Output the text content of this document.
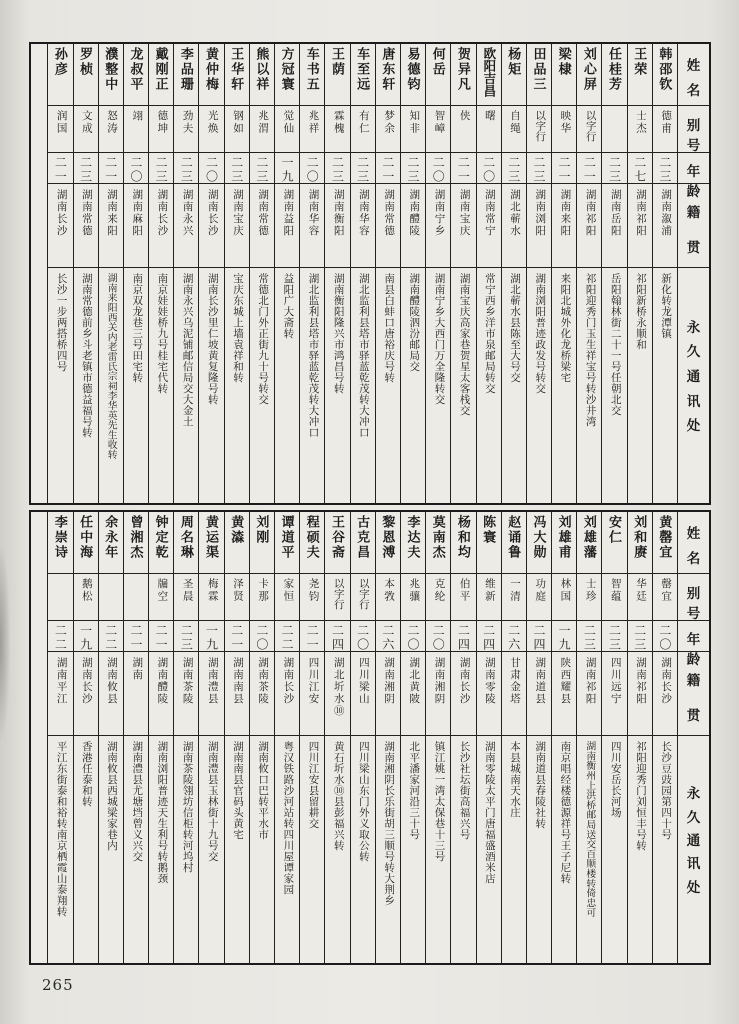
姓
名
别
号
年
龄
籍
贯
永
久
通
讯
处
韩邵钦
德甫
二三
湖南溆浦
新化转龙潭镇
王荣
士杰
二七
湖南祁阳
祁阳新桥永顺和
任桂芳
二三
湖南岳阳
岳阳翰林街二十一号任朝北交
刘心屏
以字行
二一
湖南祁阳
祁阳迎秀门玉生祥宝号转沙井湾
梁棣
映华
二一
湖南来阳
来阳北城外化龙桥梁宅
田品三
以字行
二三
湖南浏阳
湖南浏阳普迹政发号转交
杨矩
自绳
二三
湖北蕲水
湖北蕲水县陈至大号交
欧阳吉昌
曙
二〇
湖南常宁
常宁西乡洋市泉邮局转交
贺异凡
侠
二一
湖南宝庆
湖南宝庆高家巷贺星太客栈交
何岳
智嶂
二〇
湖南宁乡
湖南宁乡大西门万全隆转交
易德钧
知非
二三
湖南醴陵
湖南醴陵泗汾邮局交
唐东轩
梦余
二一
湖南常德
南县白蚌口唐裕庆号转
车至远
有仁
二三
湖南华容
湖北监利县塔市驿蓝乾茂转大冲口
王荫
霖槐
二三
湖南衡阳
湖南衡阳隆兴市鸿昌号转
车书五
兆祥
二〇
湖南华容
湖北监利县塔市驿蓝乾茂转大冲口
方冠寰
觉仙
一九
湖南益阳
益阳广大斋转
熊以祥
兆渭
二三
湖南常德
常德北门外正街九十号转交
王华轩
钢如
二三
湖南宝庆
宝庆东城上墙袁祥和转
黄仲梅
光焕
二〇
湖南长沙
湖南长沙里仁坡黄复隆号转
李品珊
劲夫
二三
湖南永兴
湖南永兴乌泥铺邮信局交大金土
戴刚正
德坤
二三
湖南长沙
南京娃娃桥九号桂宅代转
龙叔平
翊
二〇
湖南麻阳
南京双龙巷三号田宅转
濮整中
怒涛
二一
湖南来阳
湖南来阳西关内老雷氏宗祠李华英先生收转
罗桢
文成
二三
湖南常德
湖南常德前乡斗老镇市德益福号转
孙彦
润国
二一
湖南长沙
长沙一步两搭桥四号
姓
名
别
号
年
龄
籍
贯
永
久
通
讯
处
黄罄宜
罄宜
二〇
湖南长沙
长沙豆豉园第四十号
刘和赓
华廷
二三
湖南祁阳
祁阳迎秀门刘恒丰号转
安仁
智蕴
二三
四川远宁
四川安岳长河场
刘雄藩
士珍
二三
湖南祁阳
湖南衡州上洪桥邮局送交百顺楼转倚忠可
刘雄甫
林国
一九
陕西耀县
南京唱经楼德源祥号王子尼转
冯大勋
功庭
二四
湖南道县
湖南道县春陵社转
赵诵鲁
一清
二六
甘肃金塔
本县城南天水庄
陈寰
维新
二四
湖南零陵
湖南零陵太平门唐福盛酒米店
杨和均
伯平
二四
湖南长沙
长沙社坛街高福兴号
莫南杰
克纶
二〇
湖南湘阴
镇江姚一湾太保巷十三号
李达夫
兆骧
二〇
湖北黄陂
北平潘家河沿三十号
黎恩溥
本敩
二六
湖南湘阴
湖南湘阴长乐街胡三顺号转大荆乡
古克昌
以字行
二〇
四川梁山
四川梁山东门外义取公转
王谷斋
以字行
二四
湖北圻水⑩
黄石圻水⑩县彭福兴转
程硕夫
尧钧
二一
四川江安
四川江安县留耕交
谭道平
家恒
二二
湖南长沙
粤汉铁路沙河站转四川屋谭家园
刘刚
卡那
二〇
湖南茶陵
湖南攸口巴转平水市
黄潹
泽贤
二一
湖南南县
湖南南县官码头黄宅
黄运渠
梅霖
一九
湖南澧县
湖南澧县玉林街十九号交
周名琳
圣晨
二三
湖南茶陵
湖南茶陵翎坊信柜转河坞村
钟定乾
牖空
二一
湖南醴陵
湖南浏阳普迹天生利号转鹅颈
曾湘杰
二一
湖南
湖南澧县尤塘垱曾义兴交
余永年
二二
湖南攸县
湖南攸县西城梁家巷内
任中海
鹅松
一九
湖南长沙
香港任泰和转
李崇诗
二二
湖南平江
平江东街泰和裕转南京栖霞山泰翔转
265
